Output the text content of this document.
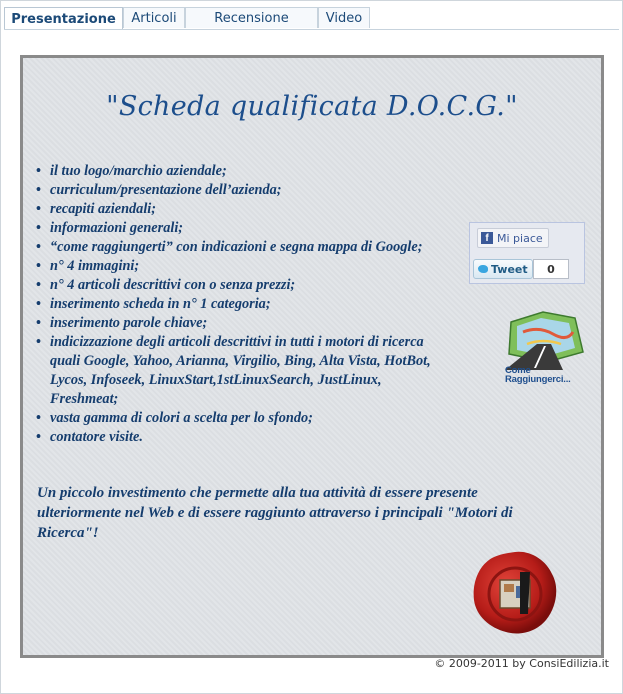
Presentazione	Articoli	Recensione	Video
"Scheda qualificata D.O.C.G."
• il tuo logo/marchio aziendale;
• curriculum/presentazione dell’azienda;
• recapiti aziendali;
• informazioni generali;
• “come raggiungerti” con indicazioni e segna mappa di Google;
• n° 4 immagini;
• n° 4 articoli descrittivi con o senza prezzi;
• inserimento scheda in n° 1 categoria;
• inserimento parole chiave;
• indicizzazione degli articoli descrittivi in tutti i motori di ricerca quali Google, Yahoo, Arianna, Virgilio, Bing, Alta Vista, HotBot, Lycos, Infoseek, LinuxStart,1stLinuxSearch, JustLinux, Freshmeat;
• vasta gamma di colori a scelta per lo sfondo;
• contatore visite.
Un piccolo investimento che permette alla tua attività di essere presente ulteriormente nel Web e di essere raggiunto attraverso i principali "Motori di Ricerca"!
f Mi piace
Tweet	0
Come
Raggiungerci...
© 2009-2011 by ConsiEdilizia.it
